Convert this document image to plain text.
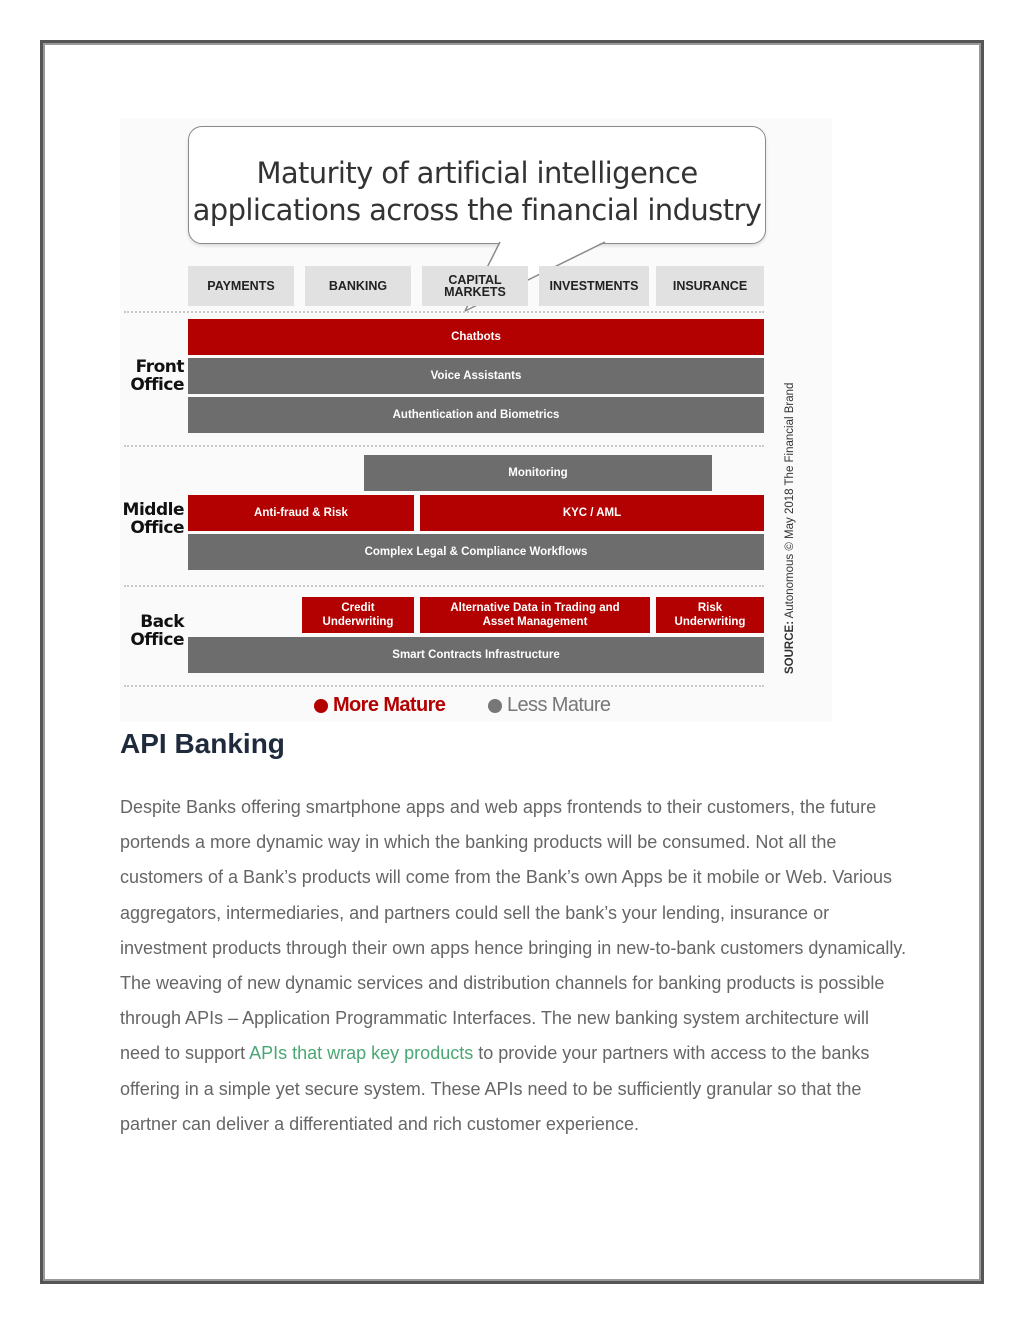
Maturity of artificial intelligence
applications across the financial industry
PAYMENTS	BANKING	CAPITAL MARKETS	INVESTMENTS	INSURANCE
Front Office
Middle Office
Back Office
Chatbots
Voice Assistants
Authentication and Biometrics
Monitoring
Anti-fraud & Risk	KYC / AML
Complex Legal & Compliance Workflows
Credit Underwriting
Alternative Data in Trading and Asset Management
Risk Underwriting
Smart Contracts Infrastructure	SOURCE: Autonomous © May 2018 The Financial Brand
More Mature	Less Mature
API Banking

Despite Banks offering smartphone apps and web apps frontends to their customers, the future portends a more dynamic way in which the banking products will be consumed. Not all the customers of a Bank’s products will come from the Bank’s own Apps be it mobile or Web. Various aggregators, intermediaries, and partners could sell the bank’s your lending, insurance or investment products through their own apps hence bringing in new-to-bank customers dynamically. The weaving of new dynamic services and distribution channels for banking products is possible through APIs – Application Programmatic Interfaces. The new banking system architecture will need to support APIs that wrap key products to provide your partners with access to the banks offering in a simple yet secure system. These APIs need to be sufficiently granular so that the partner can deliver a differentiated and rich customer experience.
